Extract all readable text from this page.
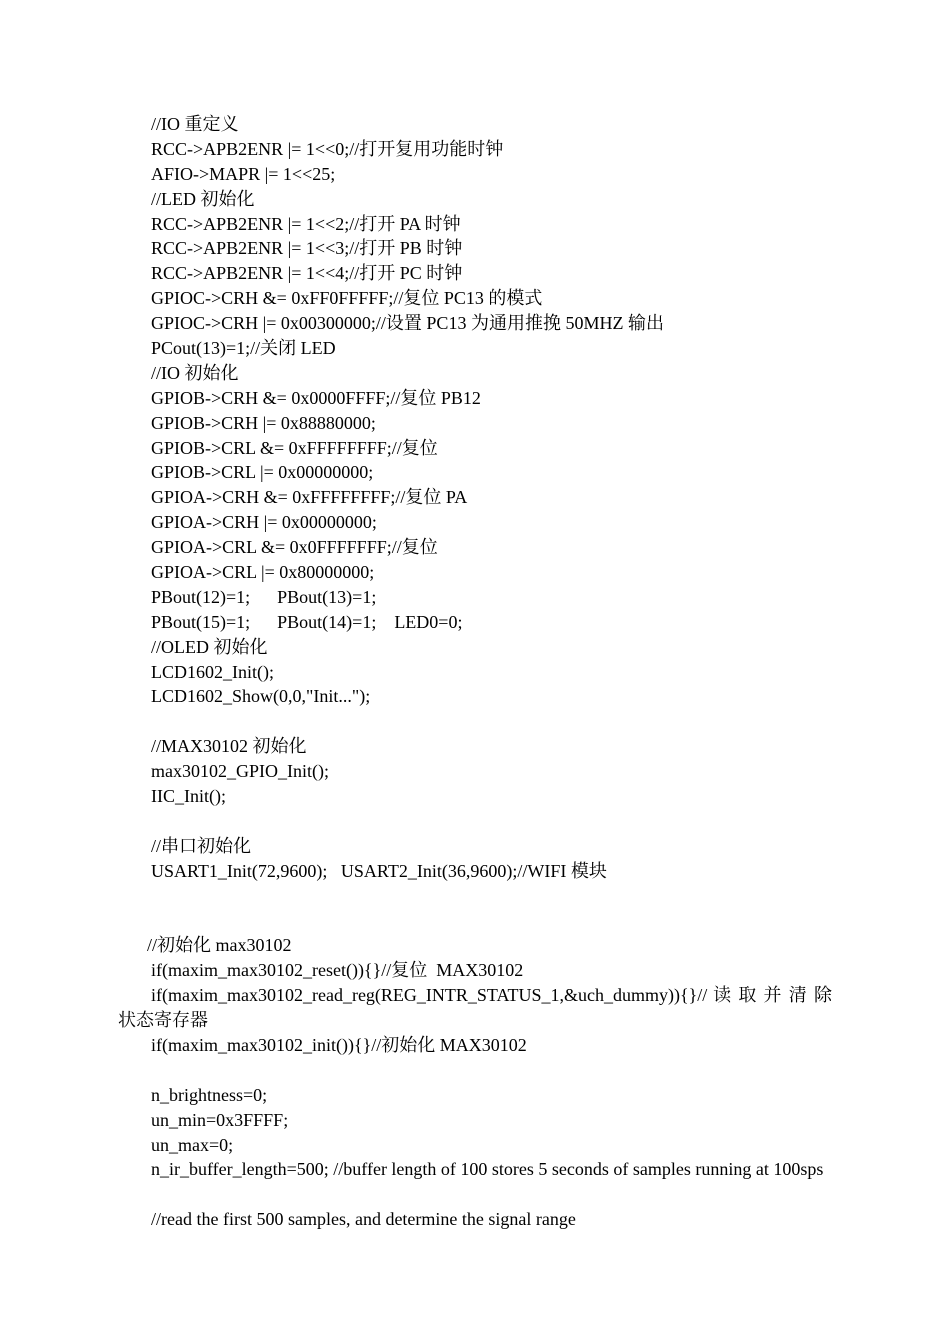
//IO 重定义
RCC->APB2ENR |= 1<<0;//打开复用功能时钟
AFIO->MAPR |= 1<<25;
//LED 初始化
RCC->APB2ENR |= 1<<2;//打开 PA 时钟
RCC->APB2ENR |= 1<<3;//打开 PB 时钟
RCC->APB2ENR |= 1<<4;//打开 PC 时钟
GPIOC->CRH &= 0xFF0FFFFF;//复位 PC13 的模式
GPIOC->CRH |= 0x00300000;//设置 PC13 为通用推挽 50MHZ 输出
PCout(13)=1;//关闭 LED
//IO 初始化
GPIOB->CRH &= 0x0000FFFF;//复位 PB12
GPIOB->CRH |= 0x88880000;
GPIOB->CRL &= 0xFFFFFFFF;//复位
GPIOB->CRL |= 0x00000000;
GPIOA->CRH &= 0xFFFFFFFF;//复位 PA
GPIOA->CRH |= 0x00000000;
GPIOA->CRL &= 0x0FFFFFFF;//复位
GPIOA->CRL |= 0x80000000;
PBout(12)=1;      PBout(13)=1;
PBout(15)=1;      PBout(14)=1;    LED0=0;
//OLED 初始化
LCD1602_Init();
LCD1602_Show(0,0,"Init...");
//MAX30102 初始化
max30102_GPIO_Init();
IIC_Init();
//串口初始化
USART1_Init(72,9600);   USART2_Init(36,9600);//WIFI 模块
//初始化 max30102
if(maxim_max30102_reset()){}//复位  MAX30102
if(maxim_max30102_read_reg(REG_INTR_STATUS_1,&uch_dummy)){}// 读 取 并 清 除状态寄存器
if(maxim_max30102_init()){}//初始化 MAX30102
n_brightness=0;
un_min=0x3FFFF;
un_max=0;
n_ir_buffer_length=500; //buffer length of 100 stores 5 seconds of samples running at 100sps
//read the first 500 samples, and determine the signal range
